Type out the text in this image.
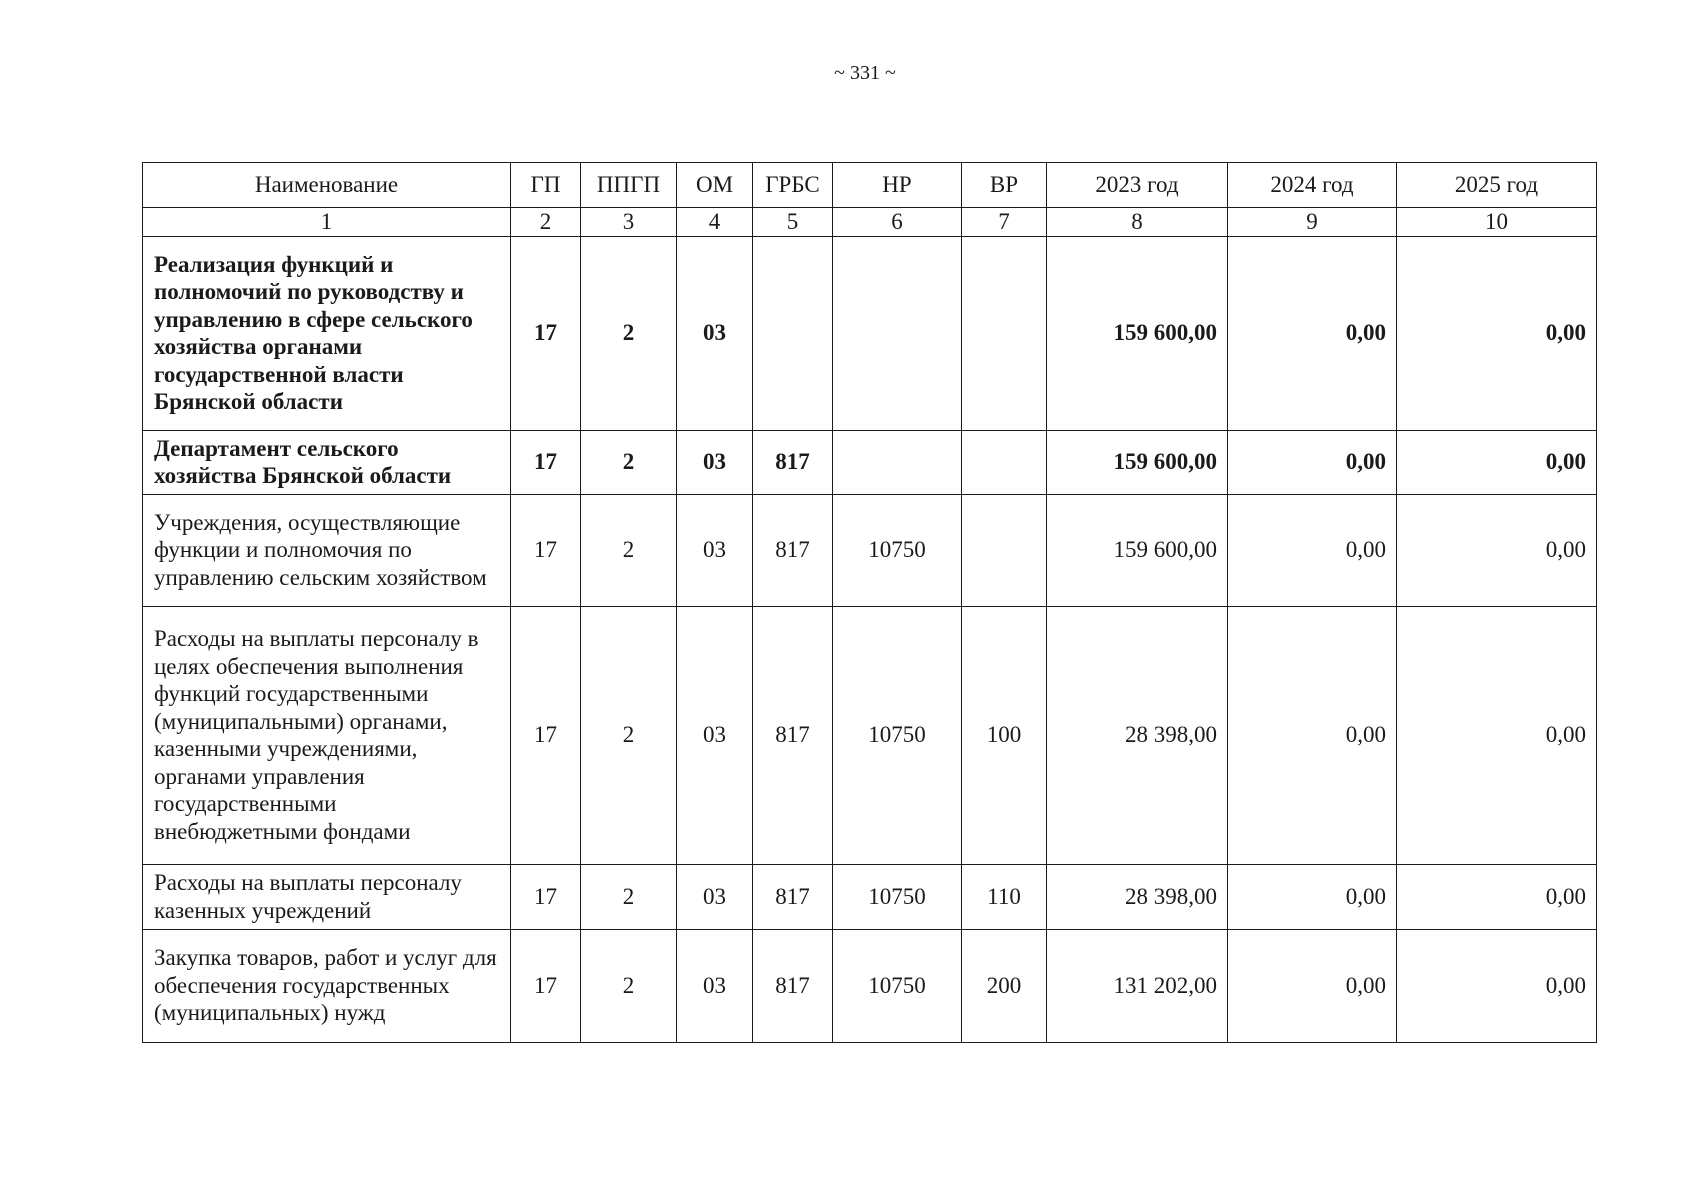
~ 331 ~
Наименование	ГП	ППГП	ОМ	ГРБС	НР	ВР	2023 год	2024 год	2025 год
1	2	3	4	5	6	7	8	9	10
Реализация функций и полномочий по руководству и управлению в сфере сельского хозяйства органами государственной власти Брянской области	17	2	03				159 600,00	0,00	0,00
Департамент сельского хозяйства Брянской области	17	2	03	817			159 600,00	0,00	0,00
Учреждения, осуществляющие функции и полномочия по управлению сельским хозяйством	17	2	03	817	10750		159 600,00	0,00	0,00
Расходы на выплаты персоналу в целях обеспечения выполнения функций государственными (муниципальными) органами, казенными учреждениями, органами управления государственными внебюджетными фондами	17	2	03	817	10750	100	28 398,00	0,00	0,00
Расходы на выплаты персоналу казенных учреждений	17	2	03	817	10750	110	28 398,00	0,00	0,00
Закупка товаров, работ и услуг для обеспечения государственных (муниципальных) нужд	17	2	03	817	10750	200	131 202,00	0,00	0,00
